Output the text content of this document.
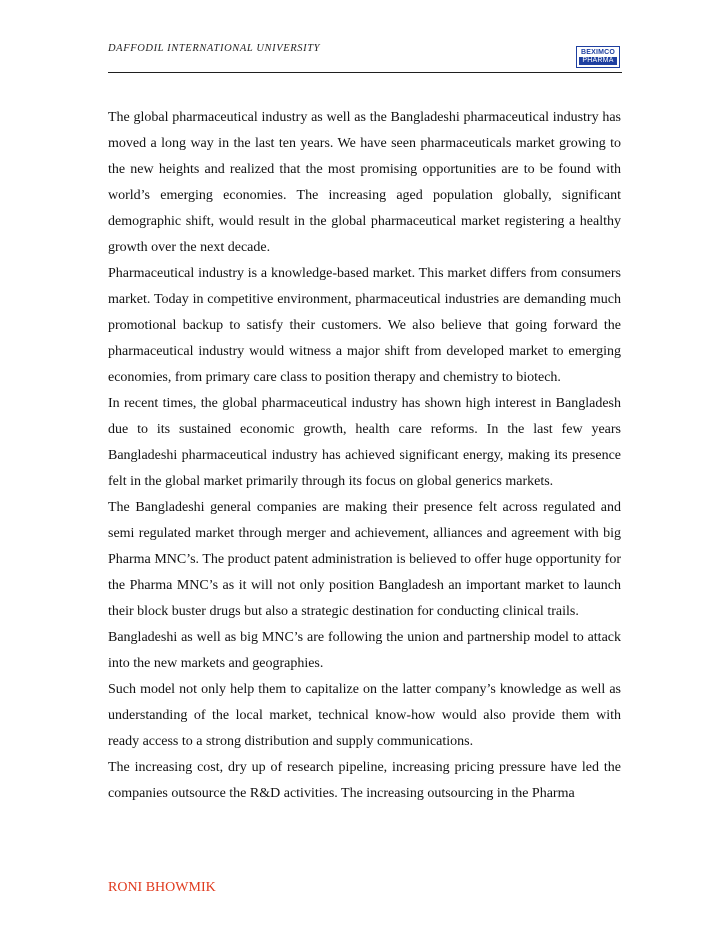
DAFFODIL INTERNATIONAL UNIVERSITY	BEXIMCO
PHARMA

The global pharmaceutical industry as well as the Bangladeshi pharmaceutical industry has moved a long way in the last ten years. We have seen pharmaceuticals market growing to the new heights and realized that the most promising opportunities are to be found with world’s emerging economies. The increasing aged population globally, significant demographic shift, would result in the global pharmaceutical market registering a healthy growth over the next decade.

Pharmaceutical industry is a knowledge-based market. This market differs from consumers market. Today in competitive environment, pharmaceutical industries are demanding much promotional backup to satisfy their customers. We also believe that going forward the pharmaceutical industry would witness a major shift from developed market to emerging economies, from primary care class to position therapy and chemistry to biotech.

In recent times, the global pharmaceutical industry has shown high interest in Bangladesh due to its sustained economic growth, health care reforms. In the last few years Bangladeshi pharmaceutical industry has achieved significant energy, making its presence felt in the global market primarily through its focus on global generics markets.

The Bangladeshi general companies are making their presence felt across regulated and semi regulated market through merger and achievement, alliances and agreement with big Pharma MNC’s. The product patent administration is believed to offer huge opportunity for the Pharma MNC’s as it will not only position Bangladesh an important market to launch their block buster drugs but also a strategic destination for conducting clinical trails.

Bangladeshi as well as big MNC’s are following the union and partnership model to attack into the new markets and geographies.

Such model not only help them to capitalize on the latter company’s knowledge as well as understanding of the local market, technical know-how would also provide them with ready access to a strong distribution and supply communications.

The increasing cost, dry up of research pipeline, increasing pricing pressure have led the companies outsource the R&D activities. The increasing outsourcing in the Pharma

RONI BHOWMIK
